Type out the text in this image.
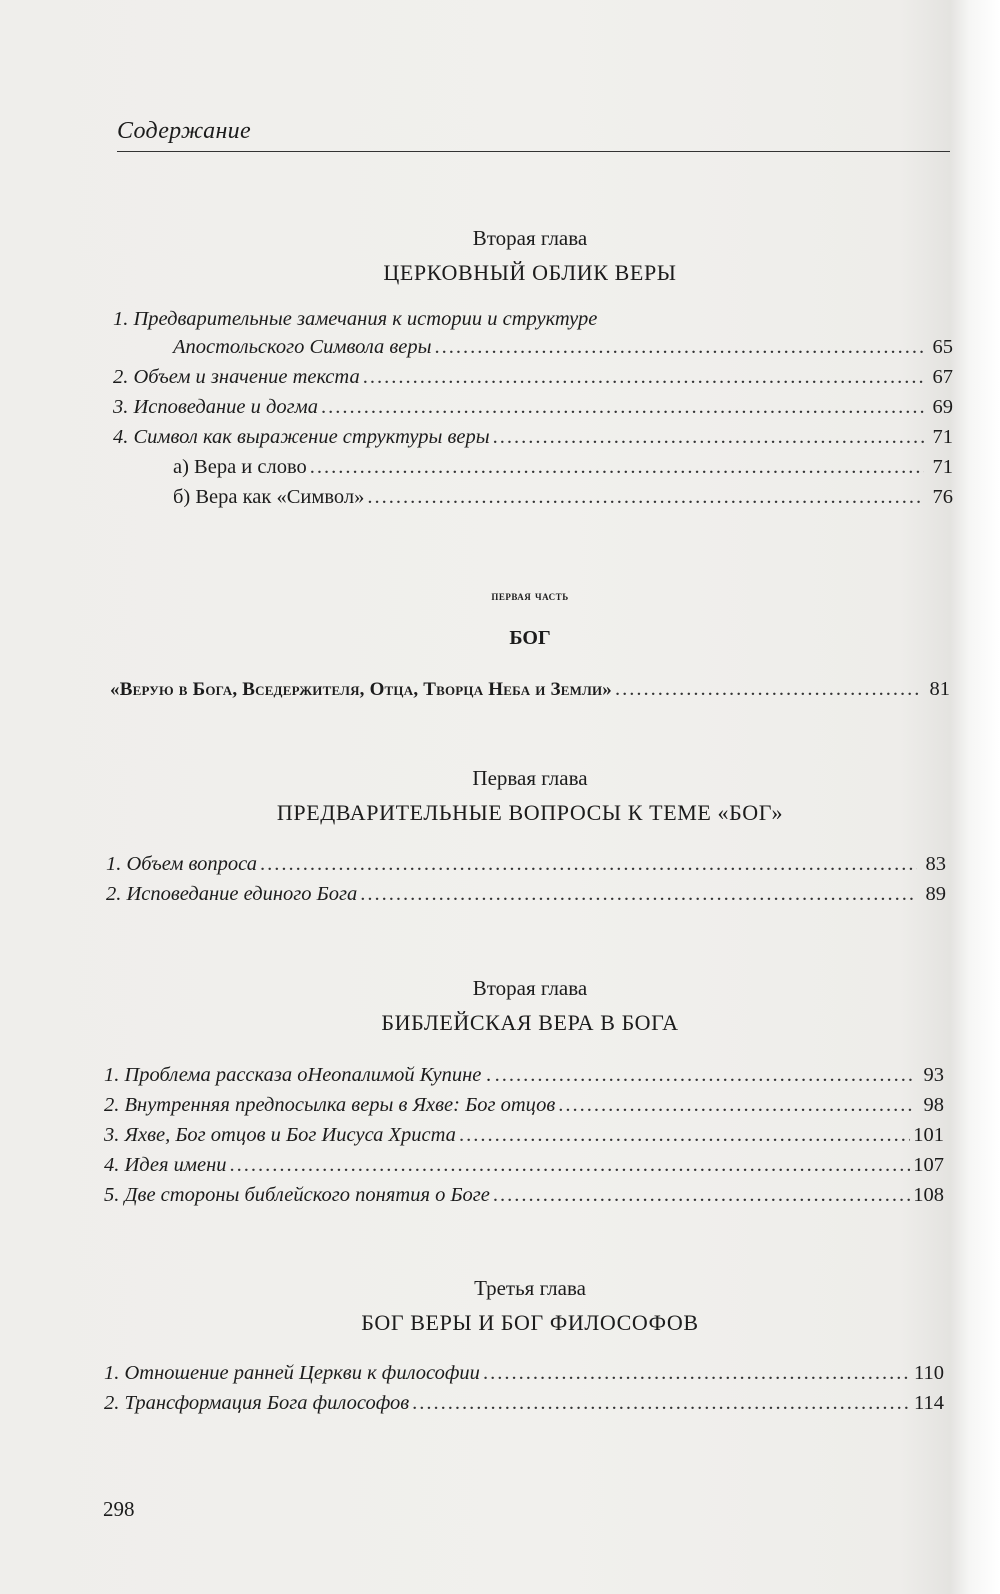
Содержание
Вторая глава
ЦЕРКОВНЫЙ ОБЛИК ВЕРЫ
1. Предварительные замечания к истории и структуре
Апостольского Символа веры .....	65
2. Объем и значение текста .....	67
3. Исповедание и догма .....	69
4. Символ как выражение структуры веры .....	71
а) Вера и слово .....	71
б) Вера как «Символ» .....	76
первая часть
БОГ
«Верую в Бога, Вседержителя, Отца, Творца Неба и Земли» .....	81
Первая глава
ПРЕДВАРИТЕЛЬНЫЕ ВОПРОСЫ К ТЕМЕ «БОГ»
1. Объем вопроса .....	83
2. Исповедание единого Бога .....	89
Вторая глава
БИБЛЕЙСКАЯ ВЕРА В БОГА
1. Проблема рассказа оНеопалимой Купине . .....	93
2. Внутренняя предпосылка веры в Яхве: Бог отцов .....	98
3. Яхве, Бог отцов и Бог Иисуса Христа .....	101
4. Идея имени .....	107
5. Две стороны библейского понятия о Боге .....	108
Третья глава
БОГ ВЕРЫ И БОГ ФИЛОСОФОВ
1. Отношение ранней Церкви к философии .....	110
2. Трансформация Бога философов .....	114
298
